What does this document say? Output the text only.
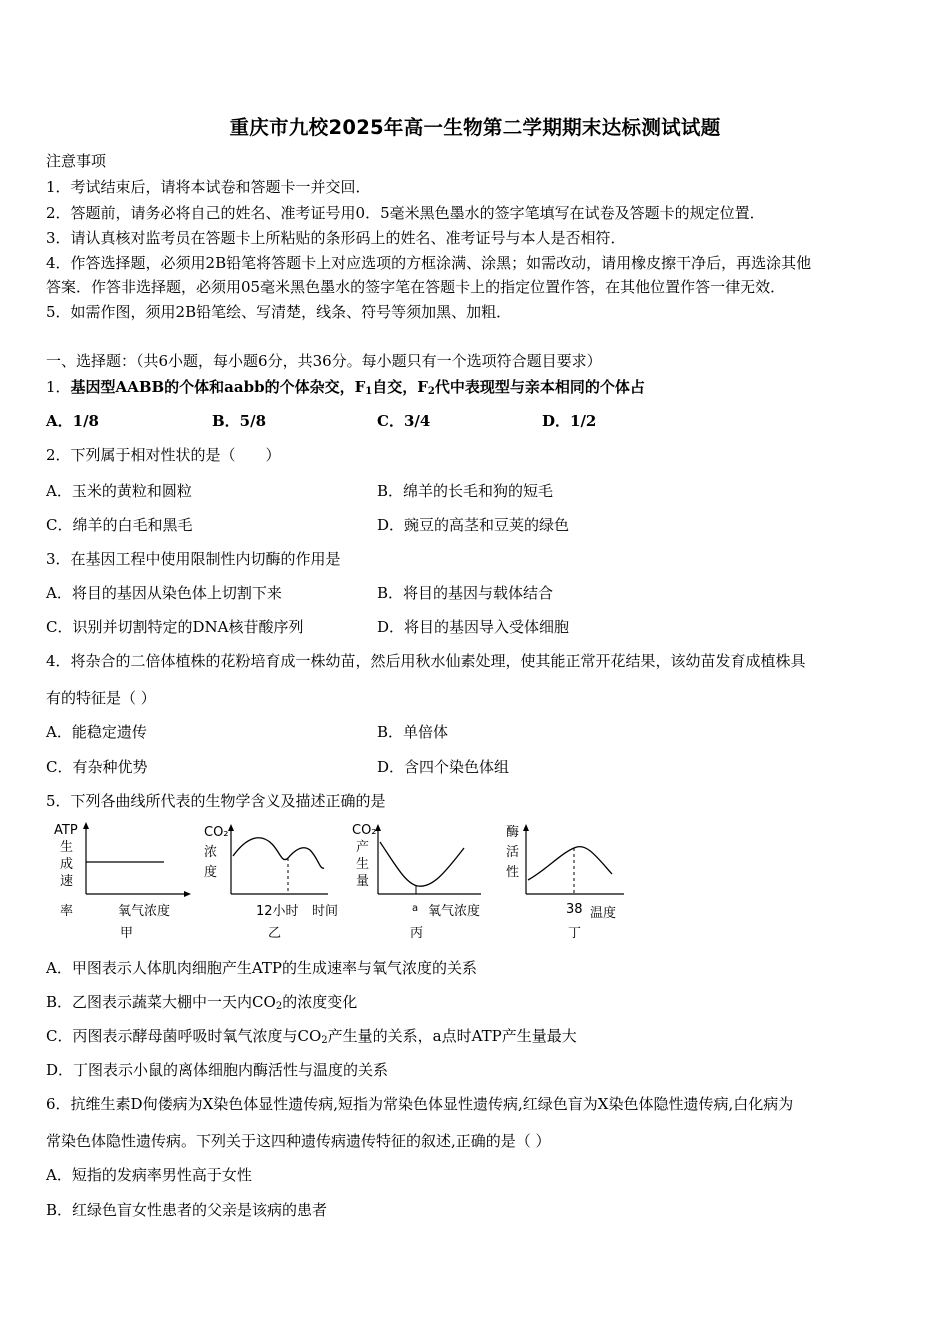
重庆市九校2025年高一生物第二学期期末达标测试试题
注意事项
1．考试结束后，请将本试卷和答题卡一并交回．
2．答题前，请务必将自己的姓名、准考证号用0．5毫米黑色墨水的签字笔填写在试卷及答题卡的规定位置．
3．请认真核对监考员在答题卡上所粘贴的条形码上的姓名、准考证号与本人是否相符．
4．作答选择题，必须用2B铅笔将答题卡上对应选项的方框涂满、涂黑；如需改动，请用橡皮擦干净后，再选涂其他
答案．作答非选择题，必须用05毫米黑色墨水的签字笔在答题卡上的指定位置作答，在其他位置作答一律无效．
5．如需作图，须用2B铅笔绘、写清楚，线条、符号等须加黑、加粗．
一、选择题：（共6小题，每小题6分，共36分。每小题只有一个选项符合题目要求）
1．基因型AABB的个体和aabb的个体杂交，$F_1$自交，$F_2$代中表现型与亲本相同的个体占
A．1/8	B．5/8	C．3/4	D．1/2
2．下列属于相对性状的是（　　）
A．玉米的黄粒和圆粒	B．绵羊的长毛和狗的短毛
C．绵羊的白毛和黑毛	D．豌豆的高茎和豆荚的绿色
3．在基因工程中使用限制性内切酶的作用是
A．将目的基因从染色体上切割下来	B．将目的基因与载体结合
C．识别并切割特定的DNA核苷酸序列	D．将目的基因导入受体细胞
4．将杂合的二倍体植株的花粉培育成一株幼苗，然后用秋水仙素处理，使其能正常开花结果，该幼苗发育成植株具
有的特征是（ ）
A．能稳定遗传	B．单倍体
C．有杂种优势	D．含四个染色体组
5．下列各曲线所代表的生物学含义及描述正确的是
ATP
生
成
速
率	氧气浓度
甲
CO₂
浓
度
12小时 时间
乙
CO₂
产
生
量
a 氧气浓度
丙
酶
活
性
38 温度
丁
A．甲图表示人体肌肉细胞产生ATP的生成速率与氧气浓度的关系
B．乙图表示蔬菜大棚中一天内$CO_2$的浓度变化
C．丙图表示酵母菌呼吸时氧气浓度与$CO_2$产生量的关系，a点时ATP产生量最大
D．丁图表示小鼠的离体细胞内酶活性与温度的关系
6．抗维生素D佝偻病为X染色体显性遗传病,短指为常染色体显性遗传病,红绿色盲为X染色体隐性遗传病,白化病为
常染色体隐性遗传病。下列关于这四种遗传病遗传特征的叙述,正确的是（ ）
A．短指的发病率男性高于女性
B．红绿色盲女性患者的父亲是该病的患者
